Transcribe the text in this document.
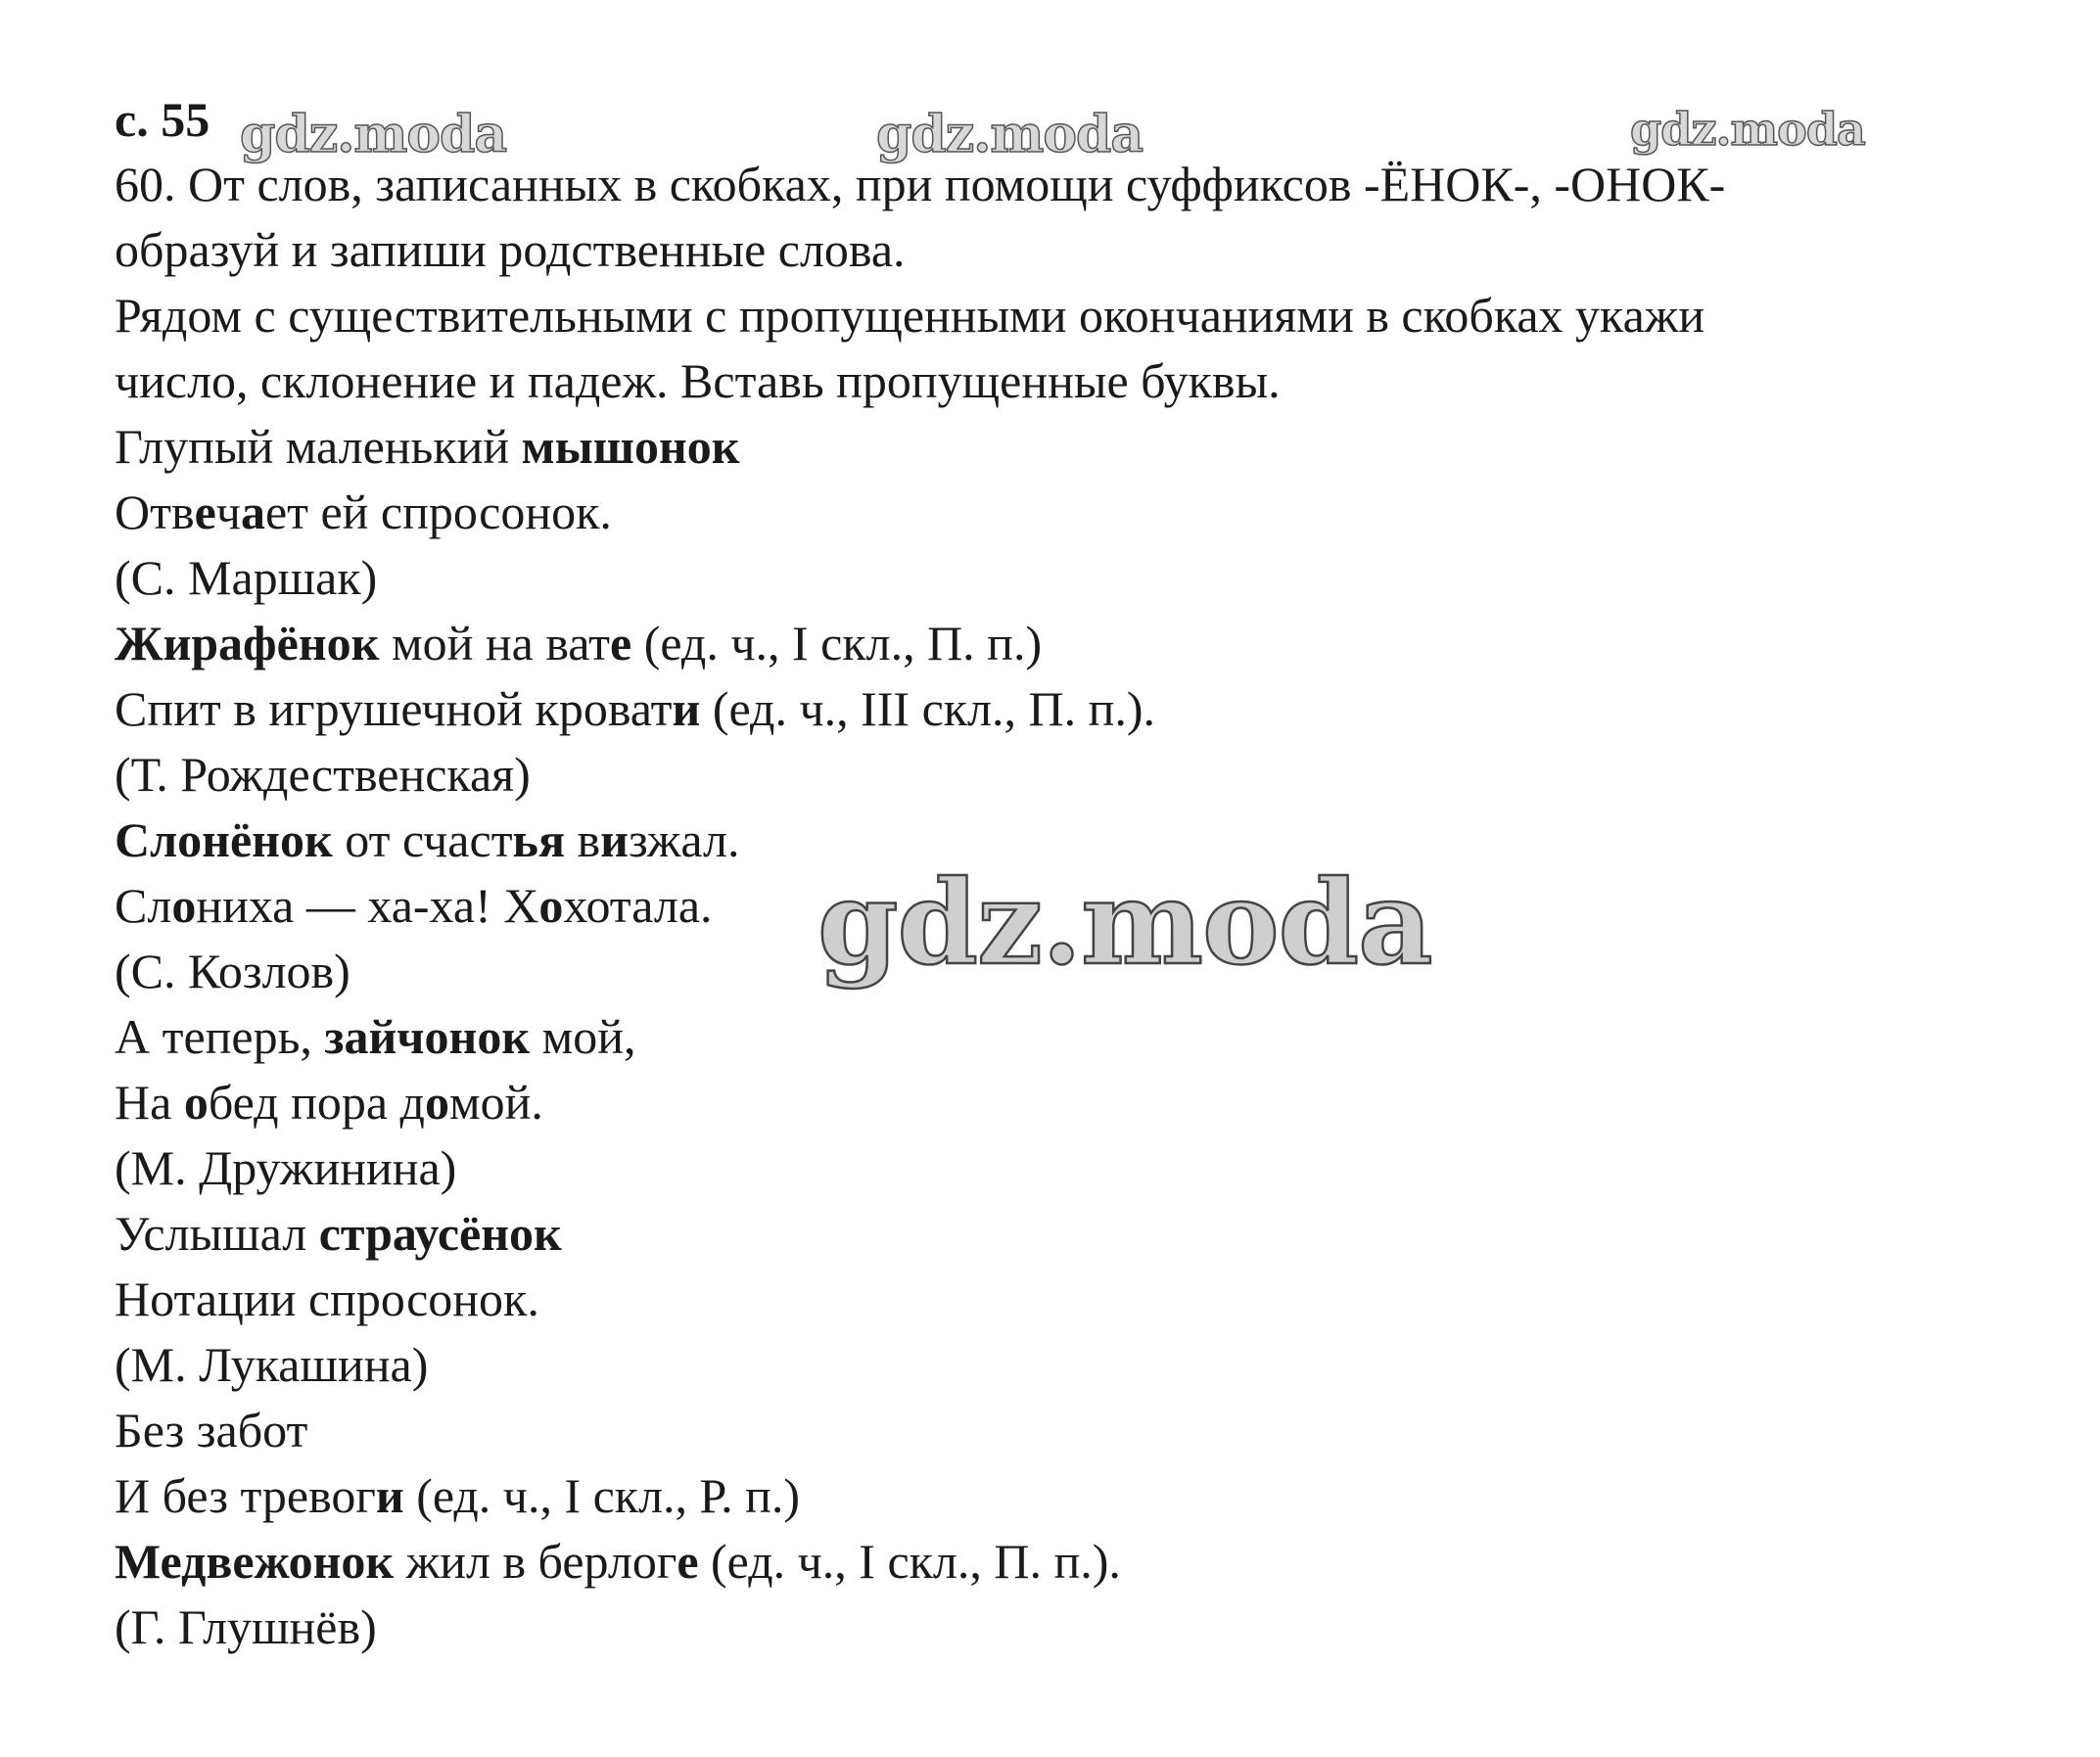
с. 55 gdz.moda	gdz.moda	gdz.moda
60. От слов, записанных в скобках, при помощи суффиксов -ЁНОК-, -ОНОК-
образуй и запиши родственные слова.
Рядом с существительными с пропущенными окончаниями в скобках укажи
число, склонение и падеж. Вставь пропущенные буквы.
Глупый маленький мышонок
Отвечает ей спросонок.
(С. Маршак)
Жирафёнок мой на вате (ед. ч., I скл., П. п.)
Спит в игрушечной кровати (ед. ч., III скл., П. п.).
(Т. Рождественская)
Слонёнок от счастья визжал.
Слониха — ха-ха! Хохотала.
(С. Козлов)
А теперь, зайчонок мой,
На обед пора домой.
(М. Дружинина)
Услышал страусёнок
Нотации спросонок.
(М. Лукашина)
Без забот
И без тревоги (ед. ч., I скл., Р. п.)
Медвежонок жил в берлоге (ед. ч., I скл., П. п.).
(Г. Глушнёв)
gdz.moda
